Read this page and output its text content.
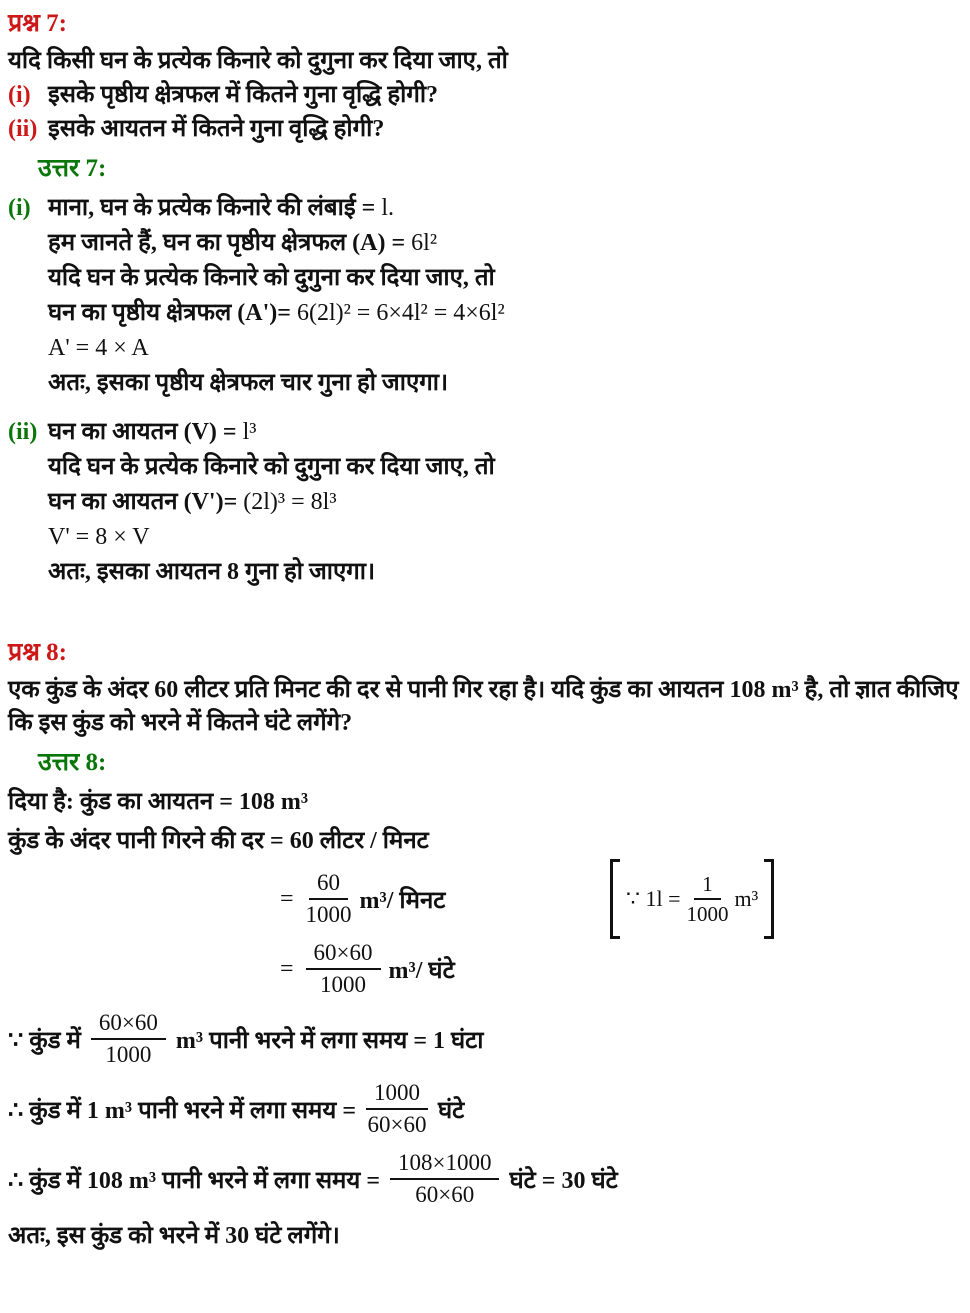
प्रश्न 7:
यदि किसी घन के प्रत्येक किनारे को दुगुना कर दिया जाए, तो
(i) इसके पृष्ठीय क्षेत्रफल में कितने गुना वृद्धि होगी?
(ii) इसके आयतन में कितने गुना वृद्धि होगी?
उत्तर 7:
(i) माना, घन के प्रत्येक किनारे की लंबाई = l.
हम जानते हैं, घन का पृष्ठीय क्षेत्रफल (A) = 6l²
यदि घन के प्रत्येक किनारे को दुगुना कर दिया जाए, तो
घन का पृष्ठीय क्षेत्रफल (A')= 6(2l)² = 6×4l² = 4×6l²
A' = 4 × A
अतः, इसका पृष्ठीय क्षेत्रफल चार गुना हो जाएगा।
(ii) घन का आयतन (V) = l³
यदि घन के प्रत्येक किनारे को दुगुना कर दिया जाए, तो
घन का आयतन (V')= (2l)³ = 8l³
V' = 8 × V
अतः, इसका आयतन 8 गुना हो जाएगा।
प्रश्न 8:
एक कुंड के अंदर 60 लीटर प्रति मिनट की दर से पानी गिर रहा है। यदि कुंड का आयतन 108 m³ है, तो ज्ञात कीजिए
कि इस कुंड को भरने में कितने घंटे लगेंगे?
उत्तर 8:
दिया है: कुंड का आयतन = 108 m³
कुंड के अंदर पानी गिरने की दर = 60 लीटर / मिनट
= $\frac{60}{1000} m^3/$ मिनट	∵ $1l = \frac{1}{1000} m^3$
= $\frac{60\times 60}{1000} m^3/$ घंटे
∵ कुंड में $\frac{60\times 60}{1000} m^3$ पानी भरने में लगा समय = 1 घंटा
∴ कुंड में 1 m³ पानी भरने में लगा समय = $\frac{1000}{60\times 60}$ घंटे
∴ कुंड में 108 m³ पानी भरने में लगा समय = $\frac{108\times 1000}{60\times 60}$ घंटे = 30 घंटे
अतः, इस कुंड को भरने में 30 घंटे लगेंगे।
